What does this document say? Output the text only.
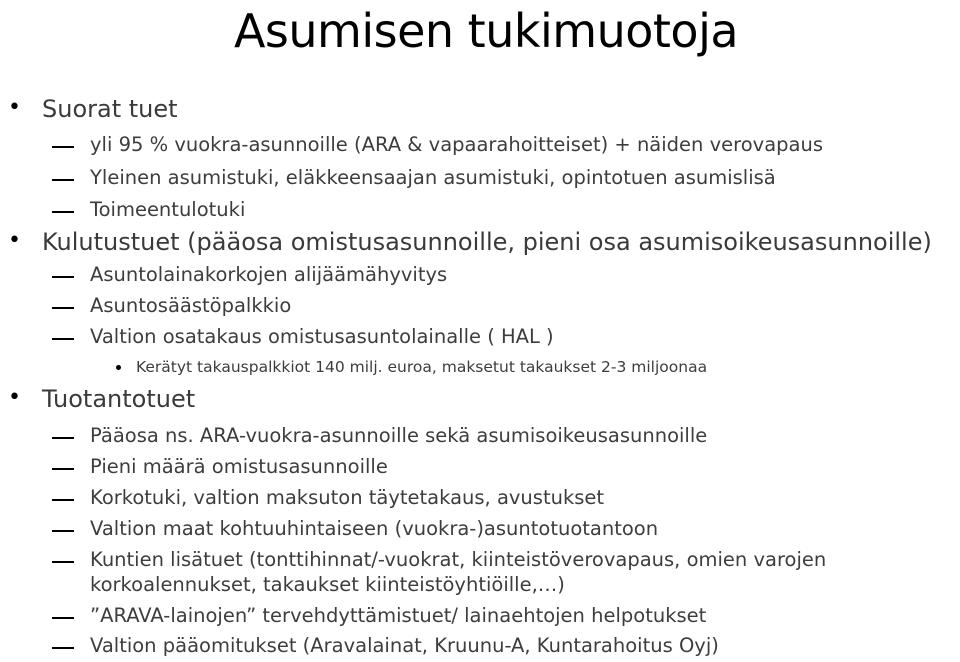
Asumisen tukimuotoja
• Suorat tuet
yli 95 % vuokra-asunnoille (ARA & vapaarahoitteiset) + näiden verovapaus
Yleinen asumistuki, eläkkeensaajan asumistuki, opintotuen asumislisä
Toimeentulotuki
• Kulutustuet (pääosa omistusasunnoille, pieni osa asumisoikeusasunnoille)
Asuntolainakorkojen alijäämähyvitys
Asuntosäästöpalkkio
Valtion osatakaus omistusasuntolainalle ( HAL )
Kerätyt takauspalkkiot 140 milj. euroa, maksetut takaukset 2-3 miljoonaa
• Tuotantotuet
Pääosa ns. ARA-vuokra-asunnoille sekä asumisoikeusasunnoille
Pieni määrä omistusasunnoille
Korkotuki, valtion maksuton täytetakaus, avustukset
Valtion maat kohtuuhintaiseen (vuokra-)asuntotuotantoon
Kuntien lisätuet (tonttihinnat/-vuokrat, kiinteistöverovapaus, omien varojen
korkoalennukset, takaukset kiinteistöyhtiöille,…)
”ARAVA-lainojen” tervehdyttämistuet/ lainaehtojen helpotukset
Valtion pääomitukset (Aravalainat, Kruunu-A, Kuntarahoitus Oyj)
